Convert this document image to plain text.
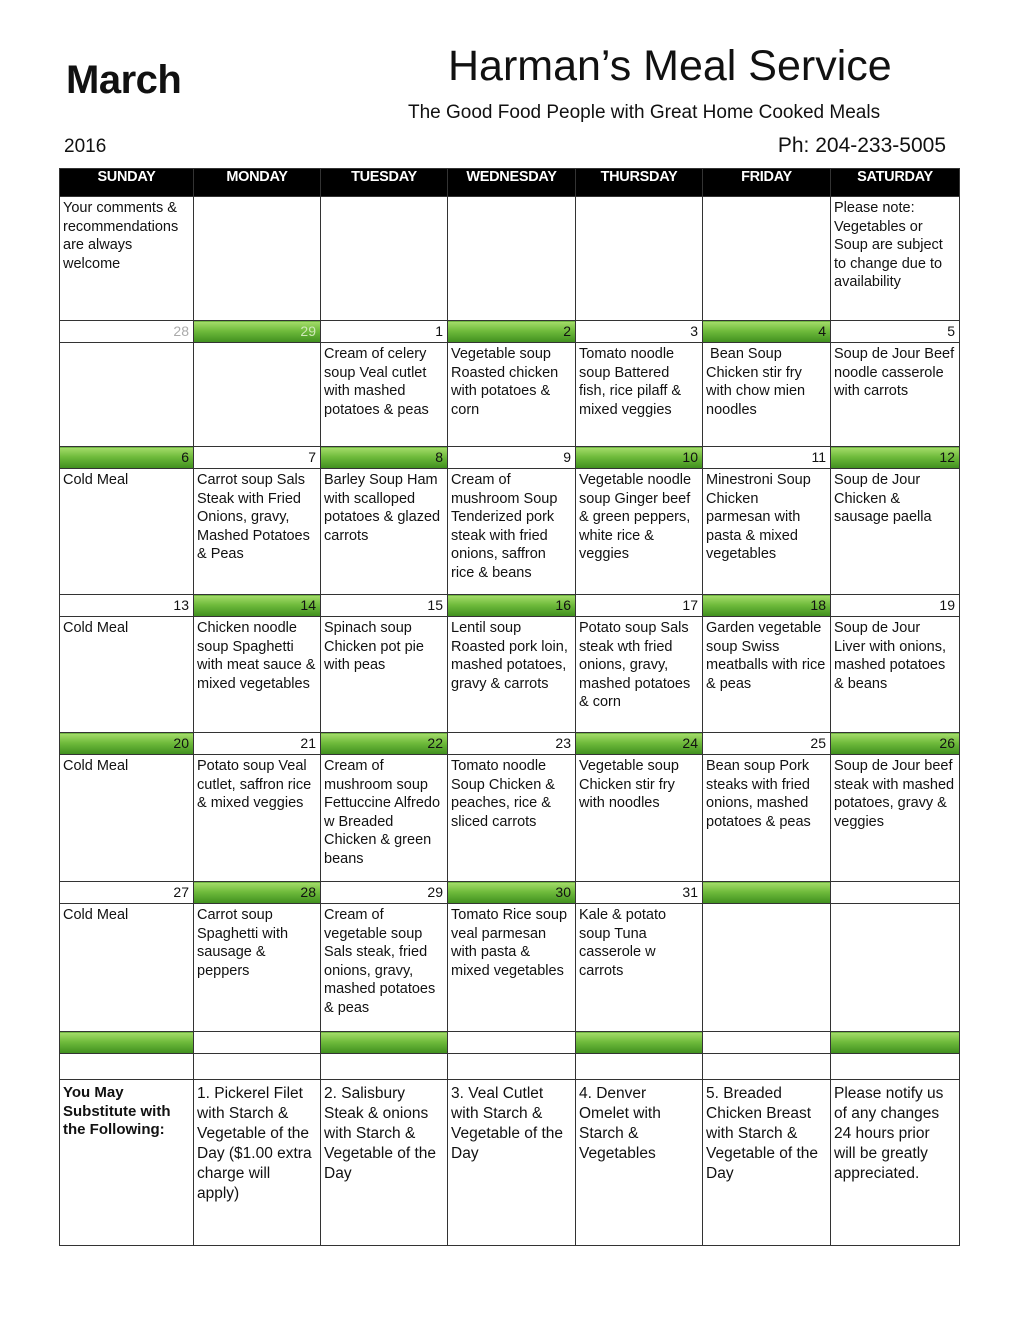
March
2016
Harman’s Meal Service
The Good Food People with Great Home Cooked Meals
Ph: 204-233-5005
SUNDAY	MONDAY	TUESDAY	WEDNESDAY	THURSDAY	FRIDAY	SATURDAY
Your comments & recommendations are always welcome						Please note: Vegetables or Soup are subject to change due to availability
28	29	1	2	3	4	5
		Cream of celery soup Veal cutlet with mashed potatoes & peas	Vegetable soup Roasted chicken with potatoes & corn	Tomato noodle soup Battered fish, rice pilaff & mixed veggies	Bean Soup Chicken stir fry with chow mien noodles	Soup de Jour Beef noodle casserole with carrots
6	7	8	9	10	11	12
Cold Meal	Carrot soup Sals Steak with Fried Onions, gravy, Mashed Potatoes & Peas	Barley Soup Ham with scalloped potatoes & glazed carrots	Cream of mushroom Soup Tenderized pork steak with fried onions, saffron rice & beans	Vegetable noodle soup Ginger beef & green peppers, white rice & veggies	Minestroni Soup Chicken parmesan with pasta & mixed vegetables	Soup de Jour Chicken & sausage paella
13	14	15	16	17	18	19
Cold Meal	Chicken noodle soup Spaghetti with meat sauce & mixed vegetables	Spinach soup Chicken pot pie with peas	Lentil soup Roasted pork loin, mashed potatoes, gravy & carrots	Potato soup Sals steak wth fried onions, gravy, mashed potatoes & corn	Garden vegetable soup Swiss meatballs with rice & peas	Soup de Jour Liver with onions, mashed potatoes & beans
20	21	22	23	24	25	26
Cold Meal	Potato soup Veal cutlet, saffron rice & mixed veggies	Cream of mushroom soup Fettuccine Alfredo w Breaded Chicken & green beans	Tomato noodle Soup Chicken & peaches, rice & sliced carrots	Vegetable soup Chicken stir fry with noodles	Bean soup Pork steaks with fried onions, mashed potatoes & peas	Soup de Jour beef steak with mashed potatoes, gravy & veggies
27	28	29	30	31		
Cold Meal	Carrot soup Spaghetti with sausage & peppers	Cream of vegetable soup Sals steak, fried onions, gravy, mashed potatoes & peas	Tomato Rice soup veal parmesan with pasta & mixed vegetables	Kale & potato soup Tuna casserole w carrots		

You May Substitute with the Following:	1. Pickerel Filet with Starch & Vegetable of the Day ($1.00 extra charge will apply)	2. Salisbury Steak & onions with Starch & Vegetable of the Day	3. Veal Cutlet with Starch & Vegetable of the Day	4. Denver Omelet with Starch & Vegetables	5. Breaded Chicken Breast with Starch & Vegetable of the Day	Please notify us of any changes 24 hours prior will be greatly appreciated.
